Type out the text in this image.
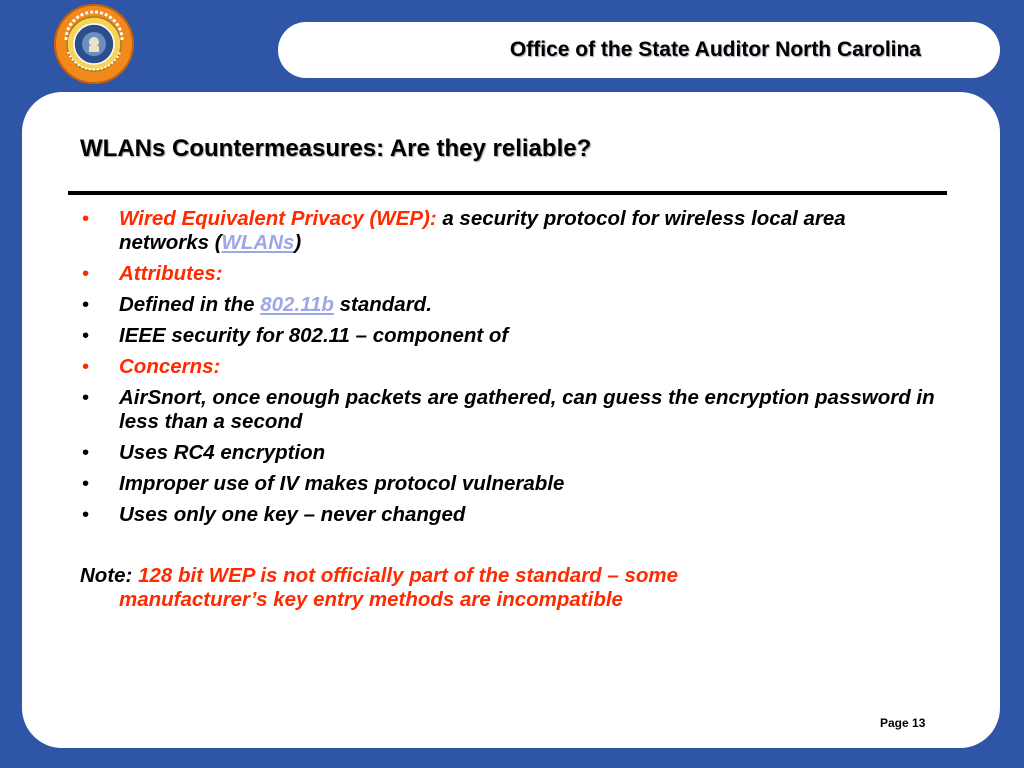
Office of the State Auditor North Carolina
WLANs Countermeasures: Are they reliable?
• Wired Equivalent Privacy (WEP): a security protocol for wireless local area networks (WLANs)
• Attributes:
• Defined in the 802.11b standard.
• IEEE security for 802.11 – component of
• Concerns:
• AirSnort, once enough packets are gathered, can guess the encryption password in less than a second
• Uses RC4 encryption
• Improper use of IV makes protocol vulnerable
• Uses only one key – never changed
Note: 128 bit WEP is not officially part of the standard – some
manufacturer’s key entry methods are incompatible
Page 13
